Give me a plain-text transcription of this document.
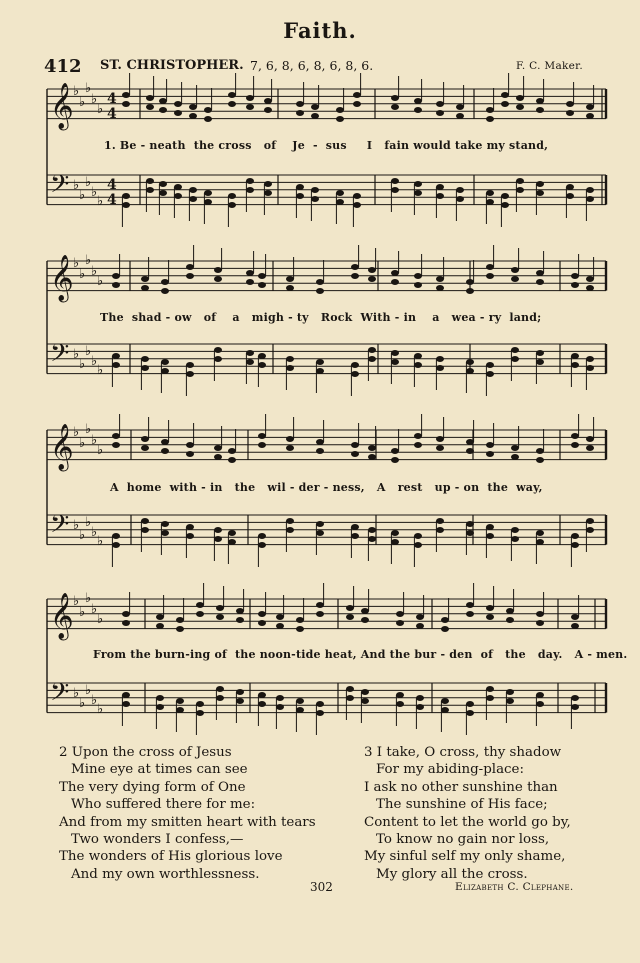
Faith.
412 ST. CHRISTOPHER. 7, 6, 8, 6, 8, 6, 8, 6.	F. C. Maker.
𝄞 ♭
♭
♭
♭
♭
4
4
𝄢 ♭
♭
♭
♭
♭
4
4
𝄞 ♭
♭
♭
♭
♭
𝄢 ♭
♭
♭
♭
♭
𝄞 ♭
♭
♭
♭
♭
𝄢 ♭
♭
♭
♭
♭
𝄞 ♭
♭
♭
♭
♭
𝄢 ♭
♭
♭
♭
♭
1. Be - neath  the cross   of    Je  -  sus     I   fain would take my stand,
The  shad - ow   of    a   migh - ty   Rock  With - in    a   wea - ry  land;
A  home  with - in   the   wil - der - ness,   A   rest   up - on  the  way,
From the burn-ing of  the noon-tide heat, And the bur - den  of   the   day.   A - men.
2 Upon the cross of Jesus
Mine eye at times can see
The very dying form of One
Who suffered there for me:
And from my smitten heart with tears
Two wonders I confess,—
The wonders of His glorious love
And my own worthlessness.
3 I take, O cross, thy shadow
For my abiding-place:
I ask no other sunshine than
The sunshine of His face;
Content to let the world go by,
To know no gain nor loss,
My sinful self my only shame,
My glory all the cross.
302	Elizabeth C. Clephane.
